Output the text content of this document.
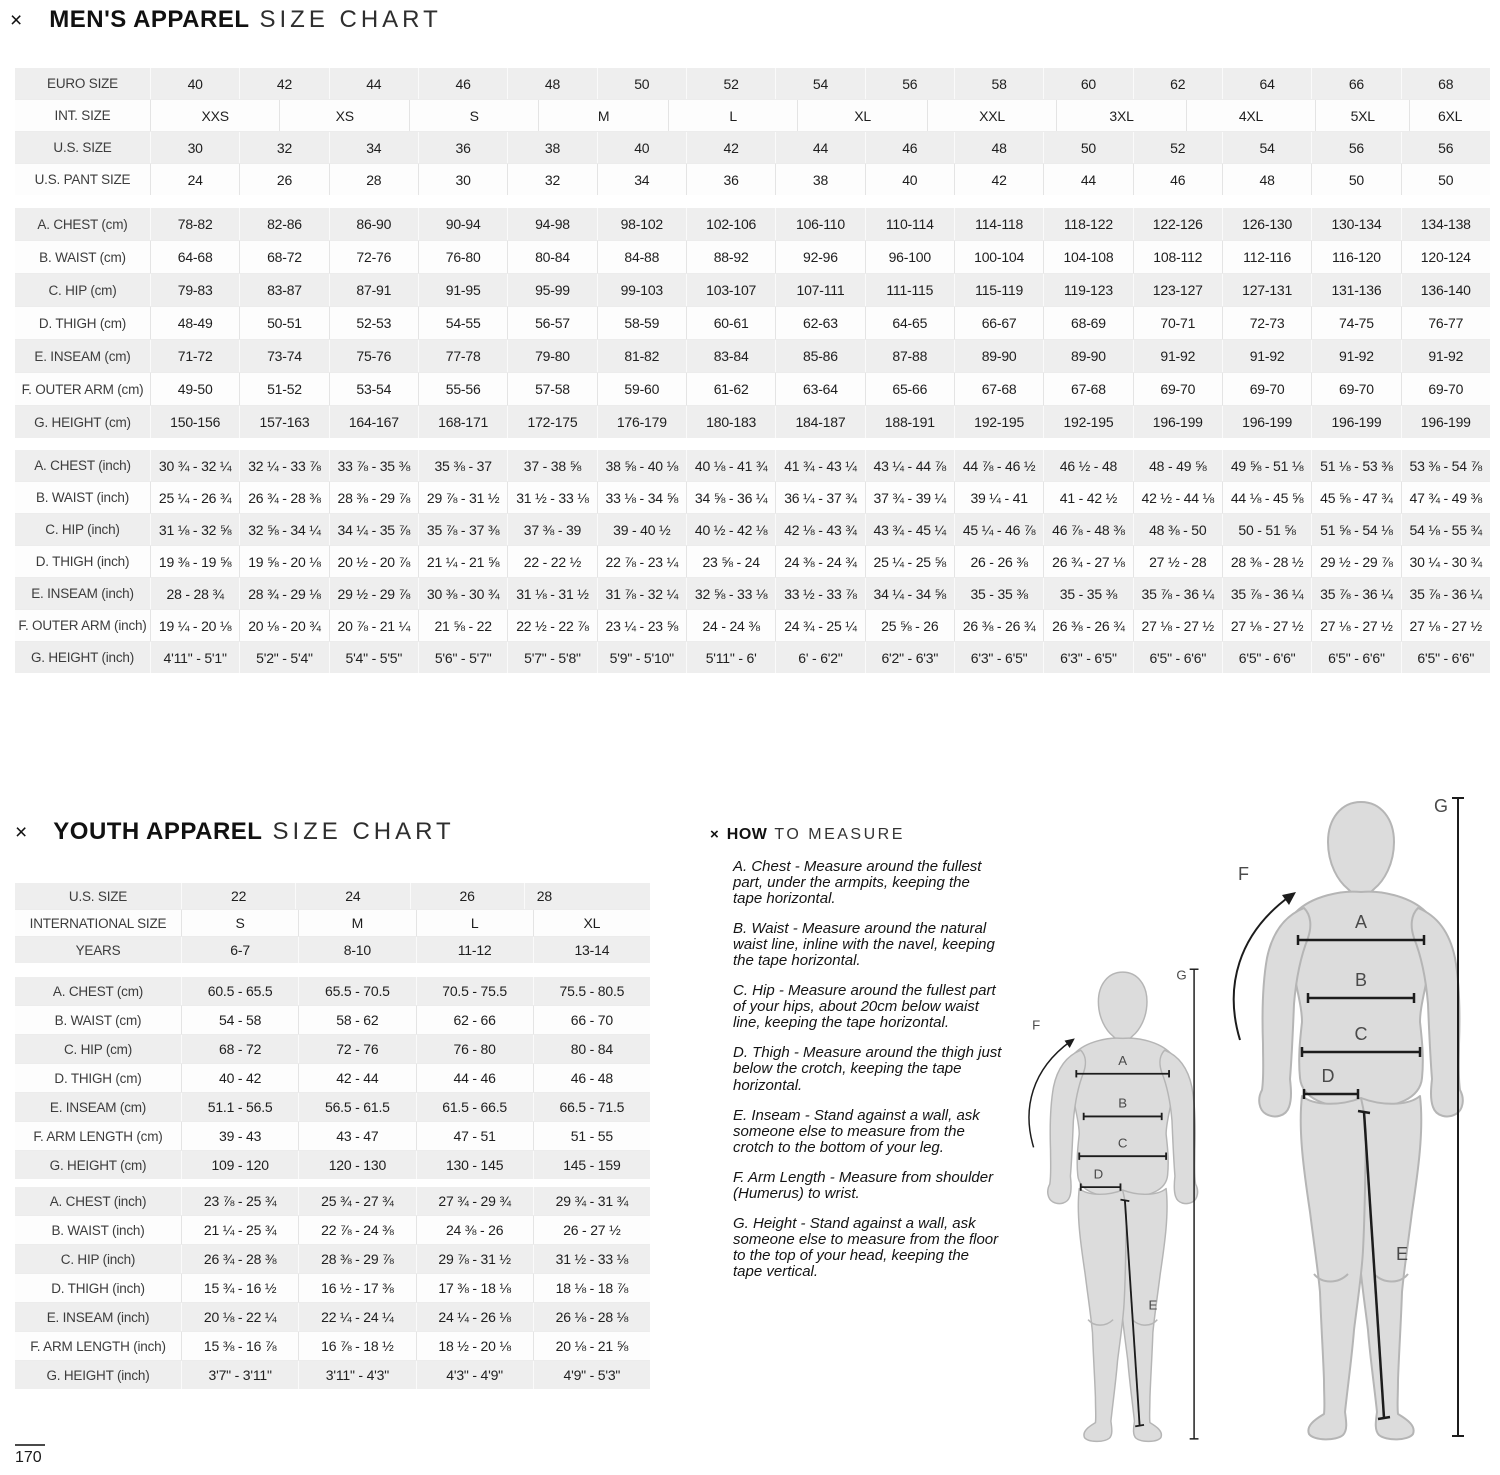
× MEN'S APPAREL SIZE CHART
EURO SIZE	40	42	44	46	48	50	52	54	56	58	60	62	64	66	68
INT. SIZE	XXS	XS	S	M	L	XL	XXL	3XL	4XL	5XL	6XL
U.S. SIZE	30	32	34	36	38	40	42	44	46	48	50	52	54	56	56
U.S. PANT SIZE	24	26	28	30	32	34	36	38	40	42	44	46	48	50	50
A. CHEST (cm)	78-82	82-86	86-90	90-94	94-98	98-102	102-106	106-110	110-114	114-118	118-122	122-126	126-130	130-134	134-138
B. WAIST (cm)	64-68	68-72	72-76	76-80	80-84	84-88	88-92	92-96	96-100	100-104	104-108	108-112	112-116	116-120	120-124
C. HIP (cm)	79-83	83-87	87-91	91-95	95-99	99-103	103-107	107-111	111-115	115-119	119-123	123-127	127-131	131-136	136-140
D. THIGH (cm)	48-49	50-51	52-53	54-55	56-57	58-59	60-61	62-63	64-65	66-67	68-69	70-71	72-73	74-75	76-77
E. INSEAM (cm)	71-72	73-74	75-76	77-78	79-80	81-82	83-84	85-86	87-88	89-90	89-90	91-92	91-92	91-92	91-92
F. OUTER ARM (cm)	49-50	51-52	53-54	55-56	57-58	59-60	61-62	63-64	65-66	67-68	67-68	69-70	69-70	69-70	69-70
G. HEIGHT (cm)	150-156	157-163	164-167	168-171	172-175	176-179	180-183	184-187	188-191	192-195	192-195	196-199	196-199	196-199	196-199
A. CHEST (inch)	30 ¾ - 32 ¼	32 ¼ - 33 ⅞	33 ⅞ - 35 ⅜	35 ⅜ - 37	37 - 38 ⅝	38 ⅝ - 40 ⅛	40 ⅛ - 41 ¾	41 ¾ - 43 ¼	43 ¼ - 44 ⅞	44 ⅞ - 46 ½	46 ½ - 48	48 - 49 ⅝	49 ⅝ - 51 ⅛	51 ⅛ - 53 ⅜	53 ⅜ - 54 ⅞
B. WAIST (inch)	25 ¼ - 26 ¾	26 ¾ - 28 ⅜	28 ⅜ - 29 ⅞	29 ⅞ - 31 ½	31 ½ - 33 ⅛	33 ⅛ - 34 ⅝	34 ⅝ - 36 ¼	36 ¼ - 37 ¾	37 ¾ - 39 ¼	39 ¼ - 41	41 - 42 ½	42 ½ - 44 ⅛	44 ⅛ - 45 ⅝	45 ⅝ - 47 ¾	47 ¾ - 49 ⅜
C. HIP (inch)	31 ⅛ - 32 ⅝	32 ⅝ - 34 ¼	34 ¼ - 35 ⅞	35 ⅞ - 37 ⅜	37 ⅜ - 39	39 - 40 ½	40 ½ - 42 ⅛	42 ⅛ - 43 ¾	43 ¾ - 45 ¼	45 ¼ - 46 ⅞	46 ⅞ - 48 ⅜	48 ⅜ - 50	50 - 51 ⅝	51 ⅝ - 54 ⅛	54 ⅛ - 55 ¾
D. THIGH (inch)	19 ⅜ - 19 ⅝	19 ⅝ - 20 ⅛	20 ½ - 20 ⅞	21 ¼ - 21 ⅝	22 - 22 ½	22 ⅞ - 23 ¼	23 ⅝ - 24	24 ⅜ - 24 ¾	25 ¼ - 25 ⅝	26 - 26 ⅜	26 ¾ - 27 ⅛	27 ½ - 28	28 ⅜ - 28 ½	29 ½ - 29 ⅞	30 ¼ - 30 ¾
E. INSEAM (inch)	28 - 28 ¾	28 ¾ - 29 ⅛	29 ½ - 29 ⅞	30 ⅜ - 30 ¾	31 ⅛ - 31 ½	31 ⅞ - 32 ¼	32 ⅝ - 33 ⅛	33 ½ - 33 ⅞	34 ¼ - 34 ⅝	35 - 35 ⅜	35 - 35 ⅜	35 ⅞ - 36 ¼	35 ⅞ - 36 ¼	35 ⅞ - 36 ¼	35 ⅞ - 36 ¼
F. OUTER ARM (inch) 19 ¼ - 20 ⅛	20 ⅛ - 20 ¾	20 ⅞ - 21 ¼	21 ⅝ - 22	22 ½ - 22 ⅞	23 ¼ - 23 ⅝	24 - 24 ⅜	24 ¾ - 25 ¼	25 ⅝ - 26	26 ⅜ - 26 ¾	26 ⅜ - 26 ¾	27 ⅛ - 27 ½	27 ⅛ - 27 ½	27 ⅛ - 27 ½	27 ⅛ - 27 ½
G. HEIGHT (inch)	4'11" - 5'1"	5'2" - 5'4"	5'4" - 5'5"	5'6" - 5'7"	5'7" - 5'8"	5'9" - 5'10"	5'11" - 6'	6' - 6'2"	6'2" - 6'3"	6'3" - 6'5"	6'3" - 6'5"	6'5" - 6'6"	6'5" - 6'6"	6'5" - 6'6"	6'5" - 6'6"
× YOUTH APPAREL SIZE CHART
U.S. SIZE	22	24	26	28
INTERNATIONAL SIZE	S	M	L	XL
YEARS	6-7	8-10	11-12	13-14
A. CHEST (cm)	60.5 - 65.5	65.5 - 70.5	70.5 - 75.5	75.5 - 80.5
B. WAIST (cm)	54 - 58	58 - 62	62 - 66	66 - 70
C. HIP (cm)	68 - 72	72 - 76	76 - 80	80 - 84
D. THIGH (cm)	40 - 42	42 - 44	44 - 46	46 - 48
E. INSEAM (cm)	51.1 - 56.5	56.5 - 61.5	61.5 - 66.5	66.5 - 71.5
F. ARM LENGTH (cm)	39 - 43	43 - 47	47 - 51	51 - 55
G. HEIGHT (cm)	109 - 120	120 - 130	130 - 145	145 - 159
A. CHEST (inch)	23 ⅞ - 25 ¾	25 ¾ - 27 ¾	27 ¾ - 29 ¾	29 ¾ - 31 ¾
B. WAIST (inch)	21 ¼ - 25 ¾	22 ⅞ - 24 ⅜	24 ⅜ - 26	26 - 27 ½
C. HIP (inch)	26 ¾ - 28 ⅜	28 ⅜ - 29 ⅞	29 ⅞ - 31 ½	31 ½ - 33 ⅛
D. THIGH (inch)	15 ¾ - 16 ½	16 ½ - 17 ⅜	17 ⅜ - 18 ⅛	18 ⅛ - 18 ⅞
E. INSEAM (inch)	20 ⅛ - 22 ¼	22 ¼ - 24 ¼	24 ¼ - 26 ⅛	26 ⅛ - 28 ⅛
F. ARM LENGTH (inch)	15 ⅜ - 16 ⅞	16 ⅞ - 18 ½	18 ½ - 20 ⅛	20 ⅛ - 21 ⅝
G. HEIGHT (inch)	3'7" - 3'11"	3'11" - 4'3"	4'3" - 4'9"	4'9" - 5'3"
× HOW TO MEASURE

A. Chest - Measure around the fullest part, under the armpits, keeping the tape horizontal.

B. Waist - Measure around the natural waist line, inline with the navel, keeping the tape horizontal.

C. Hip - Measure around the fullest part of your hips, about 20cm below waist line, keeping the tape horizontal.

D. Thigh - Measure around the thigh just below the crotch, keeping the tape horizontal.

E. Inseam - Stand against a wall, ask someone else to measure from the crotch to the bottom of your leg.

F. Arm Length - Measure from shoulder (Humerus) to wrist.

G. Height - Stand against a wall, ask someone else to measure from the floor to the top of your head, keeping the tape vertical.

A
B
C
D
E
F
G
A
B
C
D
E
F
G
170
